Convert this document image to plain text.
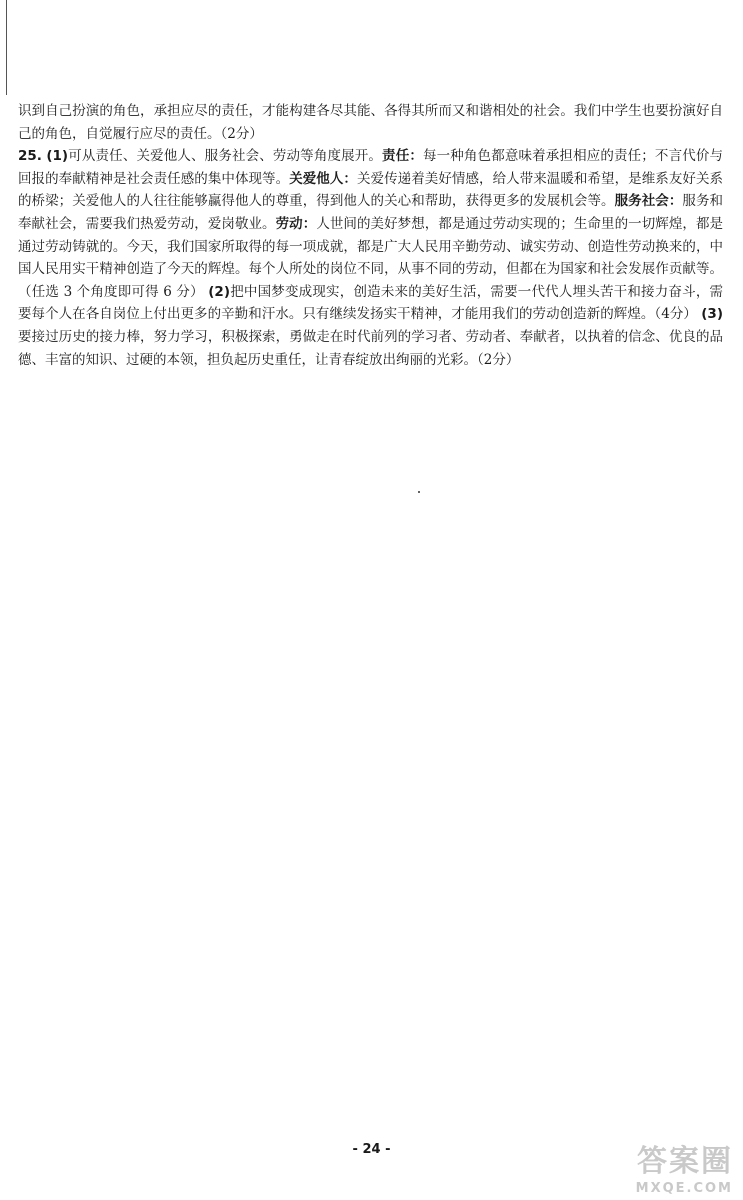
识到自己扮演的角色，承担应尽的责任，才能构建各尽其能、各得其所而又和谐相处的社会。我们中学生也要扮演好自己的角色，自觉履行应尽的责任。（2分）

25. (1)可从责任、关爱他人、服务社会、劳动等角度展开。责任：每一种角色都意味着承担相应的责任；不言代价与回报的奉献精神是社会责任感的集中体现等。关爱他人：关爱传递着美好情感，给人带来温暖和希望，是维系友好关系的桥梁；关爱他人的人往往能够赢得他人的尊重，得到他人的关心和帮助，获得更多的发展机会等。服务社会：服务和奉献社会，需要我们热爱劳动，爱岗敬业。劳动：人世间的美好梦想，都是通过劳动实现的；生命里的一切辉煌，都是通过劳动铸就的。今天，我们国家所取得的每一项成就，都是广大人民用辛勤劳动、诚实劳动、创造性劳动换来的，中国人民用实干精神创造了今天的辉煌。每个人所处的岗位不同，从事不同的劳动，但都在为国家和社会发展作贡献等。（任选 3 个角度即可得 6 分） (2)把中国梦变成现实，创造未来的美好生活，需要一代代人埋头苦干和接力奋斗，需要每个人在各自岗位上付出更多的辛勤和汗水。只有继续发扬实干精神，才能用我们的劳动创造新的辉煌。（4分） (3)要接过历史的接力棒，努力学习，积极探索，勇做走在时代前列的学习者、劳动者、奉献者，以执着的信念、优良的品德、丰富的知识、过硬的本领，担负起历史重任，让青春绽放出绚丽的光彩。（2分）

- 24 -	答案圈
MXQE.COM
